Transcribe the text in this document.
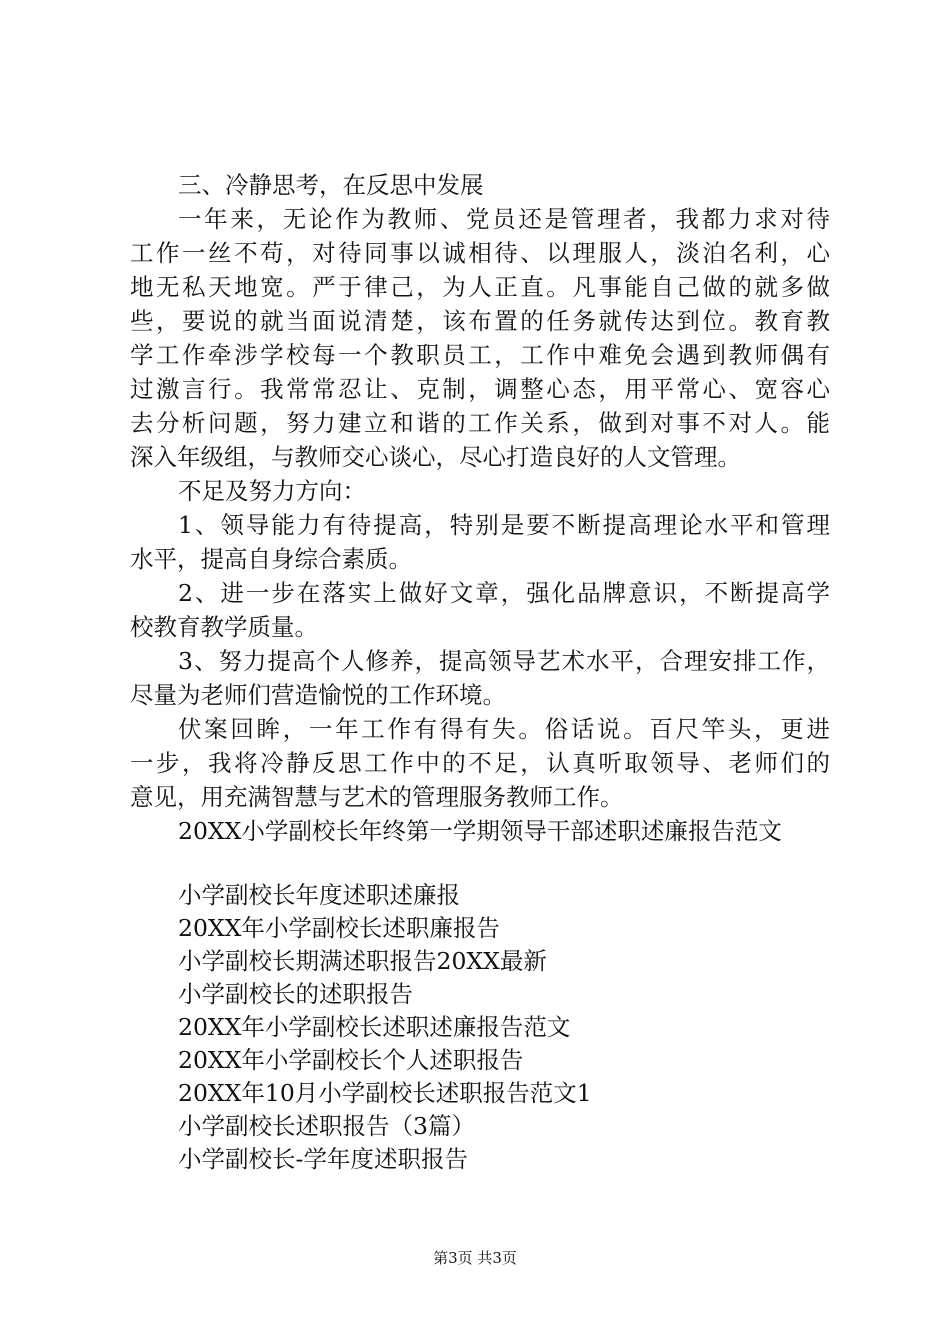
三、冷静思考，在反思中发展
一年来，无论作为教师、党员还是管理者，我都力求对待
工作一丝不苟，对待同事以诚相待、以理服人，淡泊名利，心
地无私天地宽。严于律己，为人正直。凡事能自己做的就多做
些，要说的就当面说清楚，该布置的任务就传达到位。教育教
学工作牵涉学校每一个教职员工，工作中难免会遇到教师偶有
过激言行。我常常忍让、克制，调整心态，用平常心、宽容心
去分析问题，努力建立和谐的工作关系，做到对事不对人。能
深入年级组，与教师交心谈心，尽心打造良好的人文管理。
不足及努力方向：
1、领导能力有待提高，特别是要不断提高理论水平和管理
水平，提高自身综合素质。
2、进一步在落实上做好文章，强化品牌意识，不断提高学
校教育教学质量。
3、努力提高个人修养，提高领导艺术水平，合理安排工作，
尽量为老师们营造愉悦的工作环境。
伏案回眸，一年工作有得有失。俗话说。百尺竿头，更进
一步，我将冷静反思工作中的不足，认真听取领导、老师们的
意见，用充满智慧与艺术的管理服务教师工作。
20XX小学副校长年终第一学期领导干部述职述廉报告范文
小学副校长年度述职述廉报
20XX年小学副校长述职廉报告
小学副校长期满述职报告20XX最新
小学副校长的述职报告
20XX年小学副校长述职述廉报告范文
20XX年小学副校长个人述职报告
20XX年10月小学副校长述职报告范文1
小学副校长述职报告（3篇）
小学副校长-学年度述职报告
第3页 共3页
